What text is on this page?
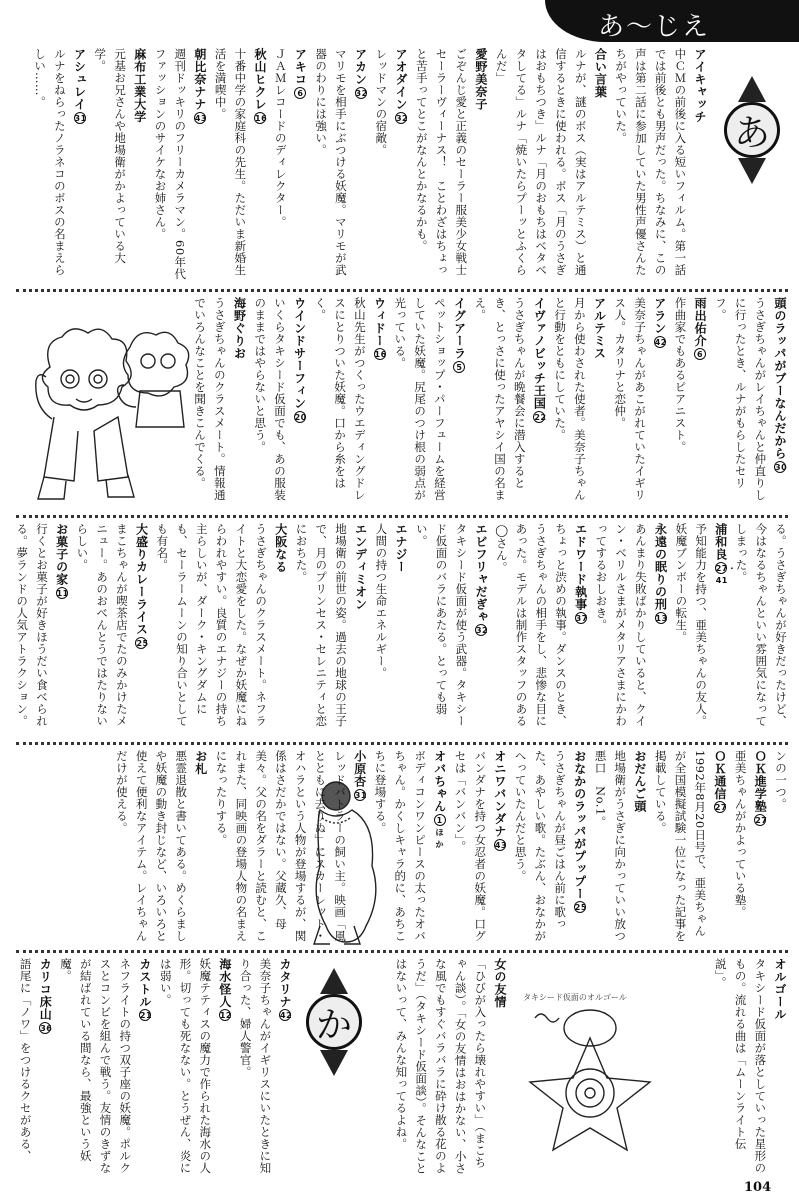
あ〜じえ
あ
アイキャッチ
中ＣＭの前後に入る短いフィルム。第一話では前後とも男声だった。ちなみに、この声は第二話に参加していた男性声優さんたちがやっていた。
合い言葉
ルナが、謎のボス（実はアルテミス）と通信するときに使われる。ボス「月のうさぎはおもちつき」ルナ「月のおもちはベタベタしてる」ルナ「焼いたらプーッとふくらんだ」
愛野美奈子
ごぞんじ愛と正義のセーラー服美少女戦士セーラーヴィーナス！　ことわざはちょっと苦手ってとこがなんとかなるかも。
アオダイン32
レッドマンの宿敵。
アカン32
マリモを相手にぶつける妖魔。マリモが武器のわりには強い。
アキコ6
ＪＡＭレコードのディレクター。
秋山ヒクレ16
十番中学の家庭科の先生。ただいま新婚生活を満喫中。
朝比奈ナナ43
週刊ドッキリのフリーカメラマン。60年代ファッションのサイケなお姉さん。
麻布工業大学
元基お兄さんや地場衛がかよっている大学。
アシュレイ31
ルナをねらったノラネコのボスの名まえらしい……。
頭のラッパがブーなんだから30
うさぎちゃんがレイちゃんと仲直りしに行ったとき、ルナがもらしたセリフ。
雨出佑介6
作曲家でもあるピアニスト。
アラン42
美奈子ちゃんがあこがれていたイギリス人。カタリナと恋仲。
アルテミス
月から使わされた使者。美奈子ちゃんと行動をともにしていた。
イヴァノビッチ王国22
うさぎちゃんが晩餐会に潜入するとき、とっさに使ったアヤシイ国の名まえ。
イグアーラ5
ペットショップ・パーフュームを経営していた妖魔。尻尾のつけ根の弱点が光っている。
ウィドー16
秋山先生がつくったウエディングドレスにとりついた妖魔。口から糸をはく。
ウインドサーフィン20
いくらタキシード仮面でも、あの服装のままではやらないと思う。
海野ぐりお
うさぎちゃんのクラスメート。情報通でいろんなことを聞きこんでくる。
る。うさぎちゃんが好きだったけど、今はなるちゃんといい雰囲気になってしまった。
浦和良27・41
予知能力を持つ、亜美ちゃんの友人。妖魔ブンボーの転生。
永遠の眠りの刑13
あんまり失敗ばかりしていると、クイン・ベリルさまがメタリアさまにかわってするおしおき。
エドワード執事37
ちょっと渋めの執事。ダンスのとき、うさぎちゃんの相手をし、悲惨な目にあった。モデルは制作スタッフのある◯さん。
エビフリャだぎゃ32
タキシード仮面が使う武器。タキシード仮面のバラにあたる。とっても弱い。
エナジー
人間の持つ生命エネルギー。
エンディミオン
地場衛の前世の姿。過去の地球の王子で、月のプリンセス・セレニティと恋におちた。
大阪なる
うさぎちゃんのクラスメート。ネフライトと大恋愛をした。なぜか妖魔にねらわれやすい。良質のエナジーの持ち主らしいが、ダーク・キングダムにも、セーラームーンの知り合いとしても有名。
大盛りカレーライス25
まこちゃんが喫茶店でたのみかけたメニュー。あのおべんとうではたりないらしい。
お菓子の家11
行くとお菓子が好きほうだい食べられる。夢ランドの人気アトラクション。
ンの一つ。
ＯＫ進学塾27
亜美ちゃんがかよっている塾。
ＯＫ通信27
1992年8月20日号で、亜美ちゃんが全国模擬試験一位になった記事を掲載している。
おだんご頭
地場衛がうさぎに向かっていい放つ悪口　No.1。
おなかのラッパがプップー25
うさぎちゃんが昼ごはん前に歌った、あやしい歌。たぶん、おなかがへっていたんだと思う。
オニワバンダナ43
バンダナを持つ女忍者の妖魔。口グセは「バンバン」。
オバちゃん1ほか
ボディコンワンピースの太ったオバちゃん。かくしキャラ的に、あちこちに登場する。
小原杏31
レッドバトラーの飼い主。映画「風とともに去りぬ」にスカーレット・オハラという人物が登場するが、関係はさだかではない。父蔵久、母美々。父の名をダラーと読むと、これまた、同映画の登場人物の名まえになったりする。
お札
悪霊退散と書いてある。めくらましや妖魔の動き封じなど、いろいろと使えて便利なアイテム。レイちゃんだけが使える。
か
タキシード仮面のオルゴール
女の友情
「ひびが入ったら壊れやすい」（まこちゃん談）。「女の友情はおはかない、小さな風でもすぐバラバラに砕け散る花のようだ」（タキシード仮面談）。そんなことはないって、みんな知ってるよね。	オルゴール
タキシード仮面が落としていった星形のもの。流れる曲は「ムーンライト伝説」。
カタリナ42
美奈子ちゃんがイギリスにいたときに知り合った、婦人警官。
海水怪人12
妖魔テティスの魔力で作られた海水の人形。切っても死なない。とうぜん、炎には弱い。
カストル21
ネフライトの持つ双子座の妖魔。ポルクスとコンビを組んで戦う。友情のきずなが結ばれている間なら、最強という妖魔。
カリコ床山36
語尾に「ノワ」をつけるクセがある、
104
